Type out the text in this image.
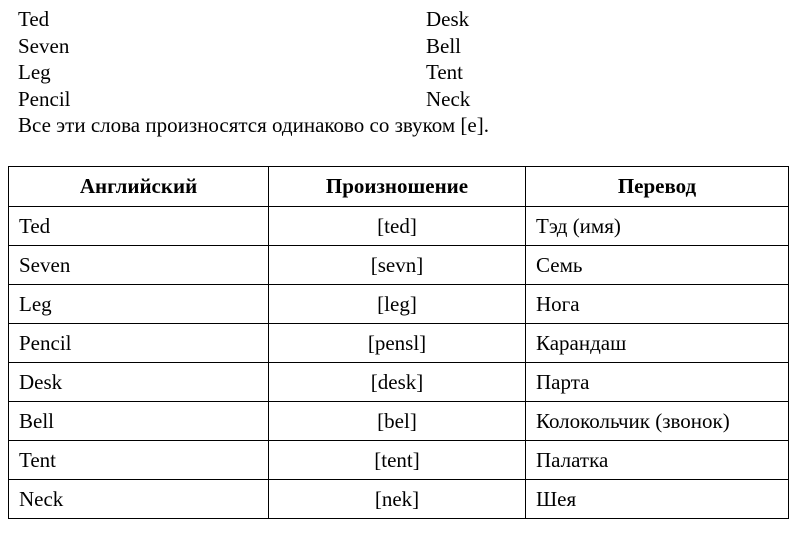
Ted	Desk
Seven	Bell
Leg	Tent
Pencil	Neck
Все эти слова произносятся одинаково со звуком [e].
Английский	Произношение	Перевод
Ted	[ted]	Тэд (имя)
Seven	[sevn]	Семь
Leg	[leg]	Нога
Pencil	[pensl]	Карандаш
Desk	[desk]	Парта
Bell	[bel]	Колокольчик (звонок)
Tent	[tent]	Палатка
Neck	[nek]	Шея
